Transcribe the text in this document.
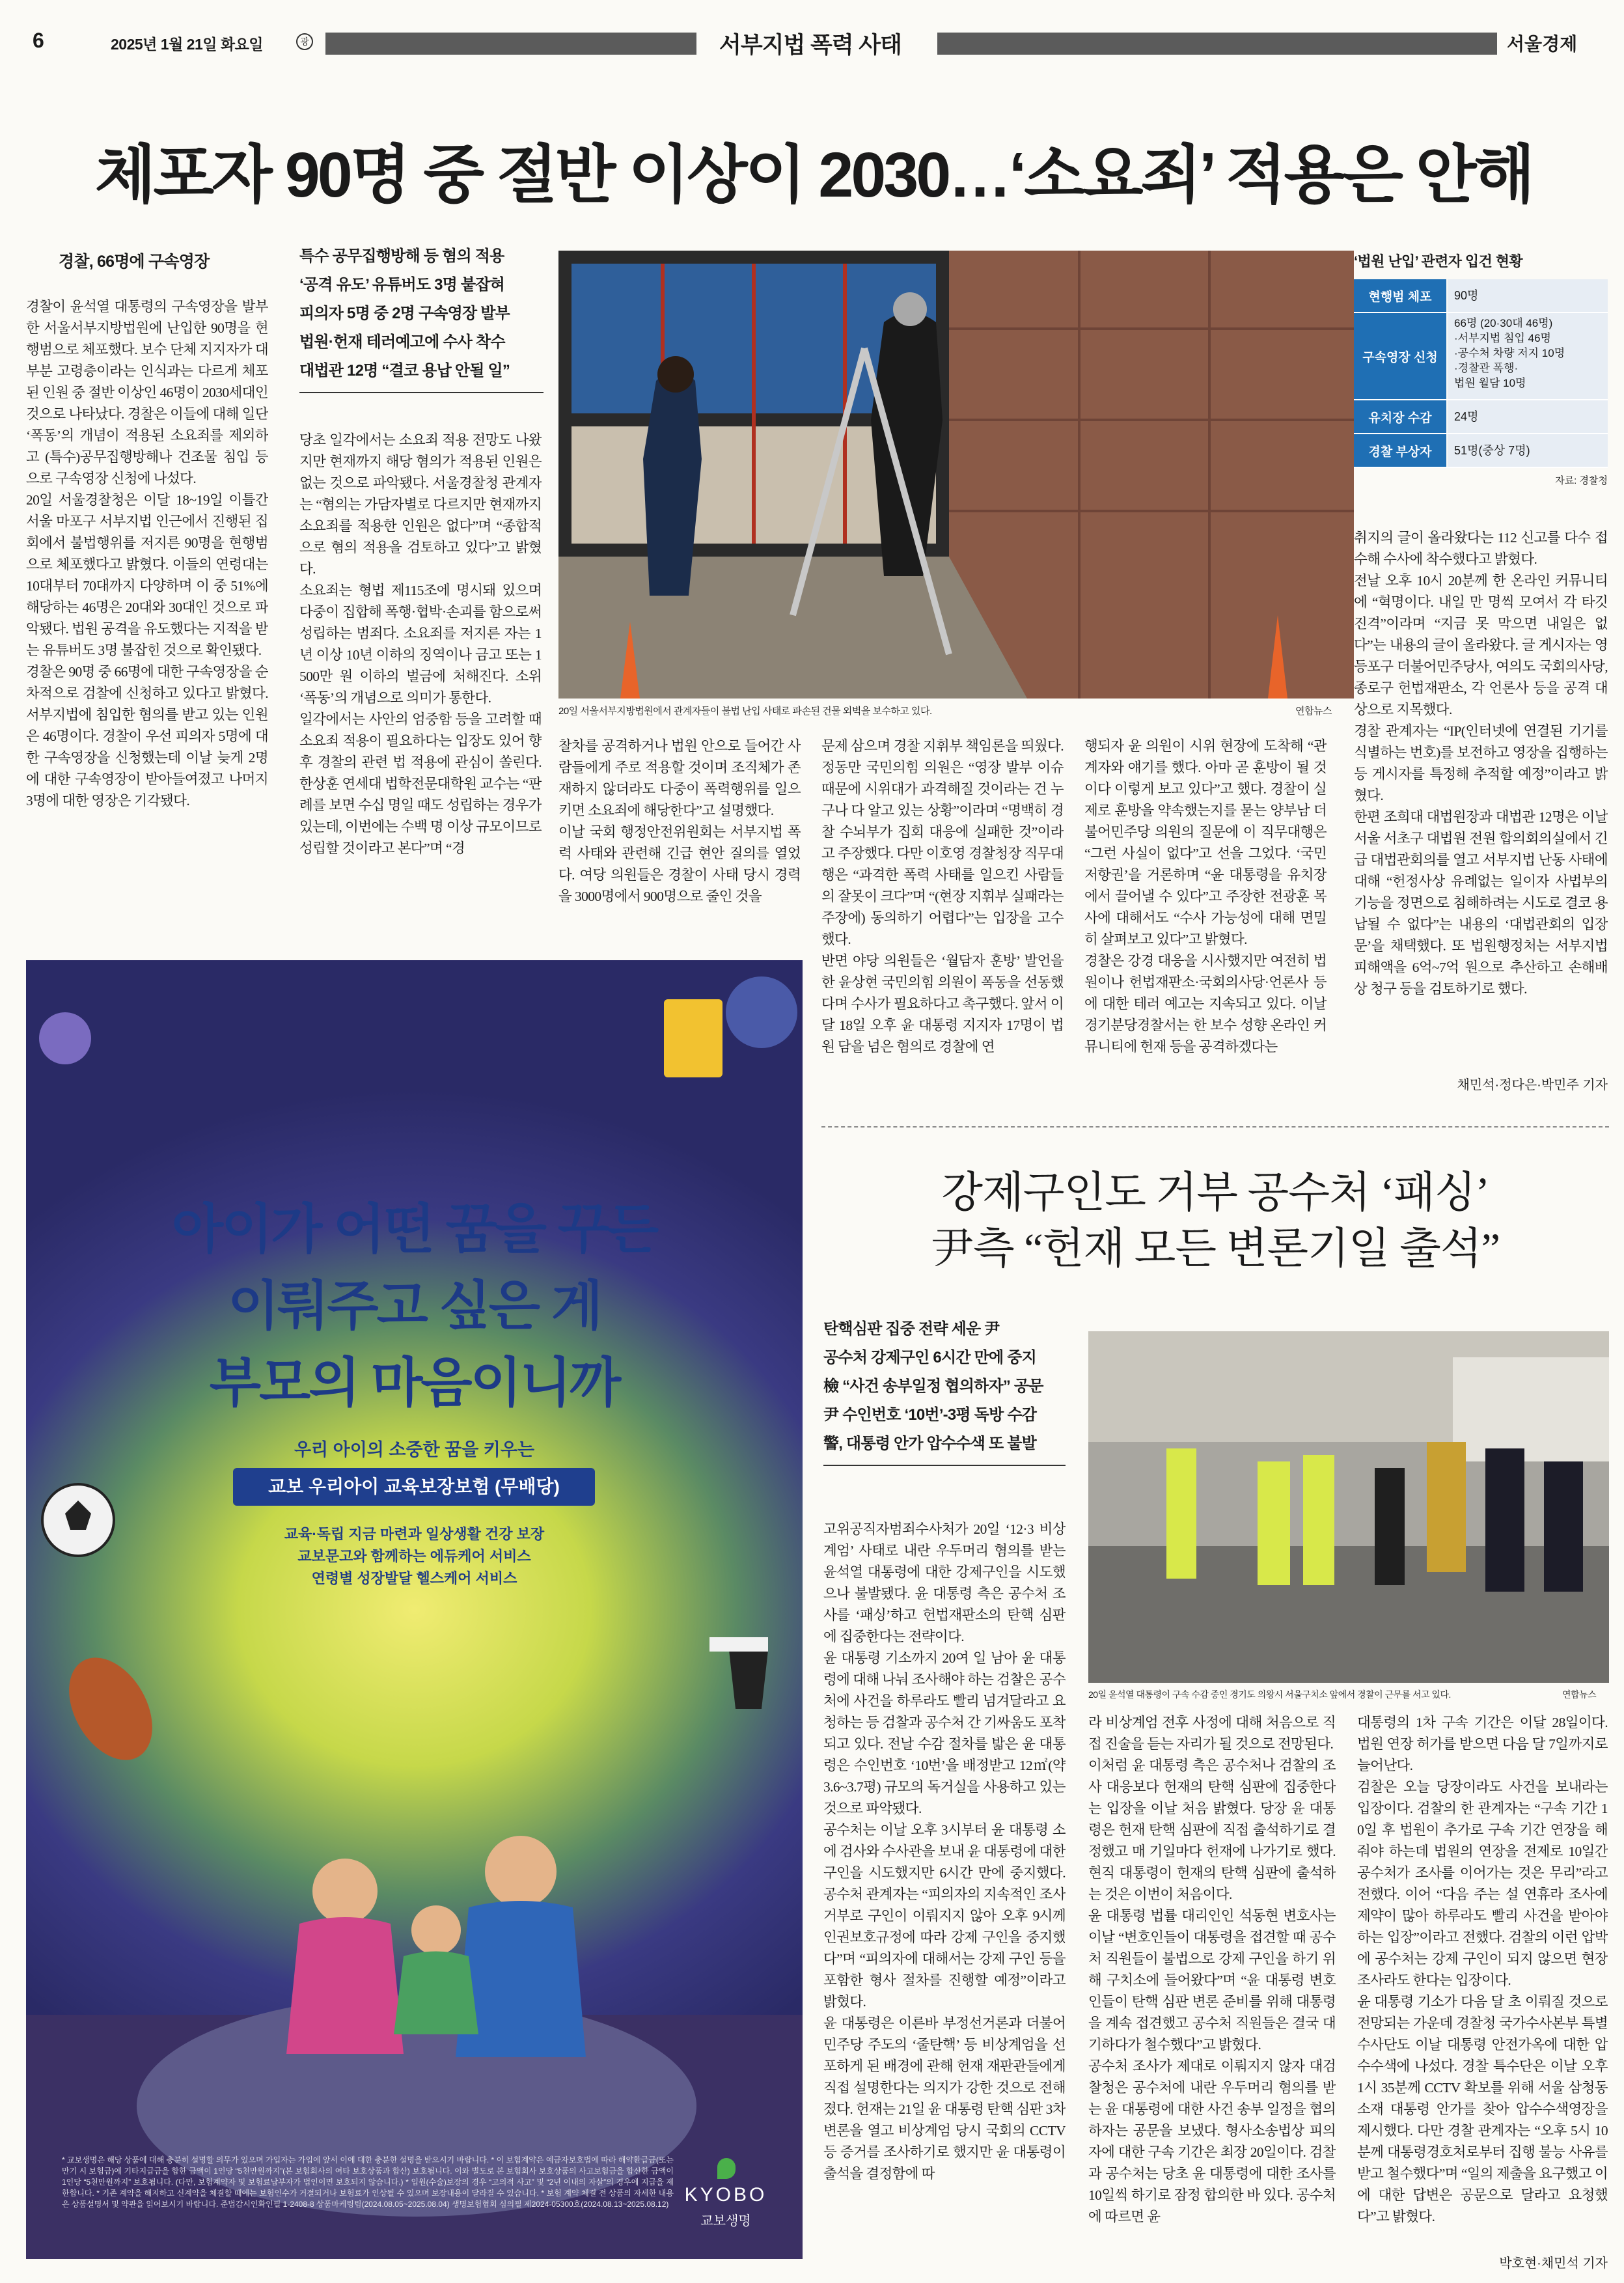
6	2025년 1월 21일 화요일	광	서부지법 폭력 사태	서울경제
체포자 90명 중 절반 이상이 2030…‘소요죄’ 적용은 안해
경찰, 66명에 구속영장
경찰이 윤석열 대통령의 구속영장을 발부한 서울서부지방법원에 난입한 90명을 현행범으로 체포했다. 보수 단체 지지자가 대부분 고령층이라는 인식과는 다르게 체포된 인원 중 절반 이상인 46명이 2030세대인 것으로 나타났다. 경찰은 이들에 대해 일단 ‘폭동’의 개념이 적용된 소요죄를 제외하고 (특수)공무집행방해나 건조물 침입 등으로 구속영장 신청에 나섰다.
20일 서울경찰청은 이달 18~19일 이틀간 서울 마포구 서부지법 인근에서 진행된 집회에서 불법행위를 저지른 90명을 현행범으로 체포했다고 밝혔다. 이들의 연령대는 10대부터 70대까지 다양하며 이 중 51%에 해당하는 46명은 20대와 30대인 것으로 파악됐다. 법원 공격을 유도했다는 지적을 받는 유튜버도 3명 불잡힌 것으로 확인됐다.
경찰은 90명 중 66명에 대한 구속영장을 순차적으로 검찰에 신청하고 있다고 밝혔다. 서부지법에 침입한 혐의를 받고 있는 인원은 46명이다. 경찰이 우선 피의자 5명에 대한 구속영장을 신청했는데 이날 늦게 2명에 대한 구속영장이 받아들여졌고 나머지 3명에 대한 영장은 기각됐다.
특수 공무집행방해 등 혐의 적용
‘공격 유도’ 유튜버도 3명 붙잡혀
피의자 5명 중 2명 구속영장 발부
법원·헌재 테러예고에 수사 착수
대법관 12명 “결코 용납 안될 일”
당초 일각에서는 소요죄 적용 전망도 나왔지만 현재까지 해당 혐의가 적용된 인원은 없는 것으로 파악됐다. 서울경찰청 관계자는 “혐의는 가담자별로 다르지만 현재까지 소요죄를 적용한 인원은 없다”며 “종합적으로 혐의 적용을 검토하고 있다”고 밝혔다.
소요죄는 형법 제115조에 명시돼 있으며 다중이 집합해 폭행·협박·손괴를 함으로써 성립하는 범죄다. 소요죄를 저지른 자는 1년 이상 10년 이하의 징역이나 금고 또는 1500만 원 이하의 벌금에 처해진다. 소위 ‘폭동’의 개념으로 의미가 통한다.
일각에서는 사안의 엄중함 등을 고려할 때 소요죄 적용이 필요하다는 입장도 있어 향후 경찰의 관련 법 적용에 관심이 쏠린다. 한상훈 연세대 법학전문대학원 교수는 “판례를 보면 수십 명일 때도 성립하는 경우가 있는데, 이번에는 수백 명 이상 규모이므로 성립할 것이라고 본다”며 “경
20일 서울서부지방법원에서 관계자들이 불법 난입 사태로 파손된 건물 외벽을 보수하고 있다.	연합뉴스
찰차를 공격하거나 법원 안으로 들어간 사람들에게 주로 적용할 것이며 조직체가 존재하지 않더라도 다중이 폭력행위를 일으키면 소요죄에 해당한다”고 설명했다.
이날 국회 행정안전위원회는 서부지법 폭력 사태와 관련해 긴급 현안 질의를 열었다. 여당 의원들은 경찰이 사태 당시 경력을 3000명에서 900명으로 줄인 것을
문제 삼으며 경찰 지휘부 책임론을 띄웠다. 정동만 국민의힘 의원은 “영장 발부 이슈 때문에 시위대가 과격해질 것이라는 건 누구나 다 알고 있는 상황”이라며 “명백히 경찰 수뇌부가 집회 대응에 실패한 것”이라고 주장했다. 다만 이호영 경찰청장 직무대행은 “과격한 폭력 사태를 일으킨 사람들의 잘못이 크다”며 “(현장 지휘부 실패라는 주장에) 동의하기 어렵다”는 입장을 고수했다.
반면 야당 의원들은 ‘월담자 훈방’ 발언을 한 윤상현 국민의힘 의원이 폭동을 선동했다며 수사가 필요하다고 촉구했다. 앞서 이달 18일 오후 윤 대통령 지지자 17명이 법원 담을 넘은 혐의로 경찰에 연
행되자 윤 의원이 시위 현장에 도착해 “관계자와 얘기를 했다. 아마 곧 훈방이 될 것이다 이렇게 보고 있다”고 했다. 경찰이 실제로 훈방을 약속했는지를 묻는 양부남 더불어민주당 의원의 질문에 이 직무대행은 “그런 사실이 없다”고 선을 그었다. ‘국민저항권’을 거론하며 “윤 대통령을 유치장에서 끌어낼 수 있다”고 주장한 전광훈 목사에 대해서도 “수사 가능성에 대해 면밀히 살펴보고 있다”고 밝혔다.
경찰은 강경 대응을 시사했지만 여전히 법원이나 헌법재판소·국회의사당·언론사 등에 대한 테러 예고는 지속되고 있다. 이날 경기분당경찰서는 한 보수 성향 온라인 커뮤니티에 헌재 등을 공격하겠다는
‘법원 난입’ 관련자 입건 현황
현행범 체포	90명
구속영장 신청
66명 (20·30대 46명)
·서부지법 침입 46명
·공수처 차량 저지 10명
·경찰관 폭행·
법원 월담 10명
유치장 수감	24명
경찰 부상자	51명(중상 7명)
자료: 경찰청
취지의 글이 올라왔다는 112 신고를 다수 접수해 수사에 착수했다고 밝혔다.
전날 오후 10시 20분께 한 온라인 커뮤니티에 “혁명이다. 내일 만 명씩 모여서 각 타깃 진격”이라며 “지금 못 막으면 내일은 없다”는 내용의 글이 올라왔다. 글 게시자는 영등포구 더불어민주당사, 여의도 국회의사당, 종로구 헌법재판소, 각 언론사 등을 공격 대상으로 지목했다.
경찰 관계자는 “IP(인터넷에 연결된 기기를 식별하는 번호)를 보전하고 영장을 집행하는 등 게시자를 특정해 추적할 예정”이라고 밝혔다.
한편 조희대 대법원장과 대법관 12명은 이날 서울 서초구 대법원 전원 합의회의실에서 긴급 대법관회의를 열고 서부지법 난동 사태에 대해 “헌정사상 유례없는 일이자 사법부의 기능을 정면으로 침해하려는 시도로 결코 용납될 수 없다”는 내용의 ‘대법관회의 입장문’을 채택했다. 또 법원행정처는 서부지법 피해액을 6억~7억 원으로 추산하고 손해배상 청구 등을 검토하기로 했다.
채민석·정다은·박민주 기자
아이가 어떤 꿈을 꾸든
이뤄주고 싶은 게
부모의 마음이니까
우리 아이의 소중한 꿈을 키우는
교보 우리아이 교육보장보험 (무배당)
교육·독립 지금 마련과 일상생활 건강 보장
교보문고와 함께하는 에듀케어 서비스
연령별 성장발달 헬스케어 서비스
* 교보생명은 해당 상품에 대해 충분히 설명할 의무가 있으며 가입자는 가입에 앞서 이에 대한 충분한 설명을 받으시기 바랍니다. * 이 보험계약은 예금자보호법에 따라 해약환급금(또는 만기 시 보험금)에 기타지급금을 합한 금액이 1인당 “5천만원까지”(본 보험회사의 여타 보호상품과 합산) 보호됩니다. 이와 별도로 본 보험회사 보호상품의 사고보험금을 합산한 금액이 1인당 “5천만원까지” 보호됩니다. (다만, 보험계약자 및 보험료납부자가 법인이면 보호되지 않습니다.) * 입원(수술)보장의 경우 “고의적 사고” 및 “2년 이내의 자살”의 경우에 지급을 제한합니다. * 기존 계약을 해지하고 신계약을 체결할 때에는 보험인수가 거절되거나 보험료가 인상될 수 있으며 보장내용이 달라질 수 있습니다. * 보험 계약 체결 전 상품의 자세한 내용은 상품설명서 및 약관을 읽어보시기 바랍니다. 준법감시인확인필 1-2408-8 상품마케팅팀(2024.08.05~2025.08.04) 생명보험협회 심의필 제2024-05300호(2024.08.13~2025.08.12) KYOBO
교보생명
강제구인도 거부 공수처 ‘패싱’
尹측 “헌재 모든 변론기일 출석”
탄핵심판 집중 전략 세운 尹
공수처 강제구인 6시간 만에 중지
檢 “사건 송부일정 협의하자” 공문
尹 수인번호 ‘10번’-3평 독방 수감
警, 대통령 안가 압수수색 또 불발
20일 윤석열 대통령이 구속 수감 중인 경기도 의왕시 서울구치소 앞에서 경찰이 근무를 서고 있다.	연합뉴스
고위공직자범죄수사처가 20일 ‘12·3 비상계엄’ 사태로 내란 우두머리 혐의를 받는 윤석열 대통령에 대한 강제구인을 시도했으나 불발됐다. 윤 대통령 측은 공수처 조사를 ‘패싱’하고 헌법재판소의 탄핵 심판에 집중한다는 전략이다.
윤 대통령 기소까지 20여 일 남아 윤 대통령에 대해 나눠 조사해야 하는 검찰은 공수처에 사건을 하루라도 빨리 넘겨달라고 요청하는 등 검찰과 공수처 간 기싸움도 포착되고 있다. 전날 수감 절차를 밟은 윤 대통령은 수인번호 ‘10번’을 배정받고 12㎡(약 3.6~3.7평) 규모의 독거실을 사용하고 있는 것으로 파악됐다.
공수처는 이날 오후 3시부터 윤 대통령 소에 검사와 수사관을 보내 윤 대통령에 대한 구인을 시도했지만 6시간 만에 중지했다. 공수처 관계자는 “피의자의 지속적인 조사 거부로 구인이 이뤄지지 않아 오후 9시께 인권보호규정에 따라 강제 구인을 중지했다”며 “피의자에 대해서는 강제 구인 등을 포함한 형사 절차를 진행할 예정”이라고 밝혔다.
윤 대통령은 이른바 부정선거론과 더불어민주당 주도의 ‘줄탄핵’ 등 비상계엄을 선포하게 된 배경에 관해 헌재 재판관들에게 직접 설명한다는 의지가 강한 것으로 전해졌다. 헌재는 21일 윤 대통령 탄핵 심판 3차 변론을 열고 비상계엄 당시 국회의 CCTV 등 증거를 조사하기로 했지만 윤 대통령이 출석을 결정함에 따
라 비상계엄 전후 사정에 대해 처음으로 직접 진술을 듣는 자리가 될 것으로 전망된다.
이처럼 윤 대통령 측은 공수처나 검찰의 조사 대응보다 헌재의 탄핵 심판에 집중한다는 입장을 이날 처음 밝혔다. 당장 윤 대통령은 헌재 탄핵 심판에 직접 출석하기로 결정했고 매 기일마다 헌재에 나가기로 했다. 현직 대통령이 헌재의 탄핵 심판에 출석하는 것은 이번이 처음이다.
윤 대통령 법률 대리인인 석동현 변호사는 이날 “변호인들이 대통령을 접견할 때 공수처 직원들이 불법으로 강제 구인을 하기 위해 구치소에 들어왔다”며 “윤 대통령 변호인들이 탄핵 심판 변론 준비를 위해 대통령을 계속 접견했고 공수처 직원들은 결국 대기하다가 철수했다”고 밝혔다.
공수처 조사가 제대로 이뤄지지 않자 대검찰청은 공수처에 내란 우두머리 혐의를 받는 윤 대통령에 대한 사건 송부 일정을 협의하자는 공문을 보냈다. 형사소송법상 피의자에 대한 구속 기간은 최장 20일이다. 검찰과 공수처는 당초 윤 대통령에 대한 조사를 10일씩 하기로 잠정 합의한 바 있다. 공수처에 따르면 윤
대통령의 1차 구속 기간은 이달 28일이다. 법원 연장 허가를 받으면 다음 달 7일까지로 늘어난다.
검찰은 오늘 당장이라도 사건을 보내라는 입장이다. 검찰의 한 관계자는 “구속 기간 10일 후 법원이 추가로 구속 기간 연장을 해줘야 하는데 법원의 연장을 전제로 10일간 공수처가 조사를 이어가는 것은 무리”라고 전했다. 이어 “다음 주는 설 연휴라 조사에 제약이 많아 하루라도 빨리 사건을 받아야 하는 입장”이라고 전했다. 검찰의 이런 압박에 공수처는 강제 구인이 되지 않으면 현장 조사라도 한다는 입장이다.
윤 대통령 기소가 다음 달 초 이뤄질 것으로 전망되는 가운데 경찰청 국가수사본부 특별수사단도 이날 대통령 안전가옥에 대한 압수수색에 나섰다. 경찰 특수단은 이날 오후 1시 35분께 CCTV 확보를 위해 서울 삼청동 소재 대통령 안가를 찾아 압수수색영장을 제시했다. 다만 경찰 관계자는 “오후 5시 10분께 대통령경호처로부터 집행 불능 사유를 받고 철수했다”며 “일의 제출을 요구했고 이에 대한 답변은 공문으로 달라고 요청했다”고 밝혔다.
박호현·채민석 기자
